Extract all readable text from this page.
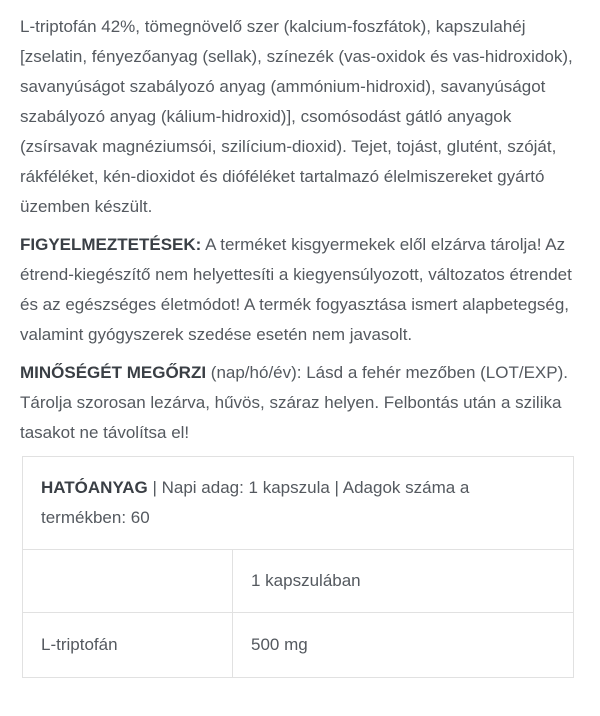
L-triptofán 42%, tömegnövelő szer (kalcium-foszfátok), kapszulahéj [zselatin, fényezőanyag (sellak), színezék (vas-oxidok és vas-hidroxidok), savanyúságot szabályozó anyag (ammónium-hidroxid), savanyúságot szabályozó anyag (kálium-hidroxid)], csomósodást gátló anyagok (zsírsavak magnéziumsói, szilícium-dioxid). Tejet, tojást, glutént, szóját, rákféléket, kén-dioxidot és dióféléket tartalmazó élelmiszereket gyártó üzemben készült.

FIGYELMEZTETÉSEK: A terméket kisgyermekek elől elzárva tárolja! Az étrend-kiegészítő nem helyettesíti a kiegyensúlyozott, változatos étrendet és az egészséges életmódot! A termék fogyasztása ismert alapbetegség, valamint gyógyszerek szedése esetén nem javasolt.

MINŐSÉGÉT MEGŐRZI (nap/hó/év): Lásd a fehér mezőben (LOT/EXP). Tárolja szorosan lezárva, hűvös, száraz helyen. Felbontás után a szilika tasakot ne távolítsa el!

HATÓANYAG | Napi adag: 1 kapszula | Adagok száma a termékben: 60	
	1 kapszulában
L-triptofán	500 mg
